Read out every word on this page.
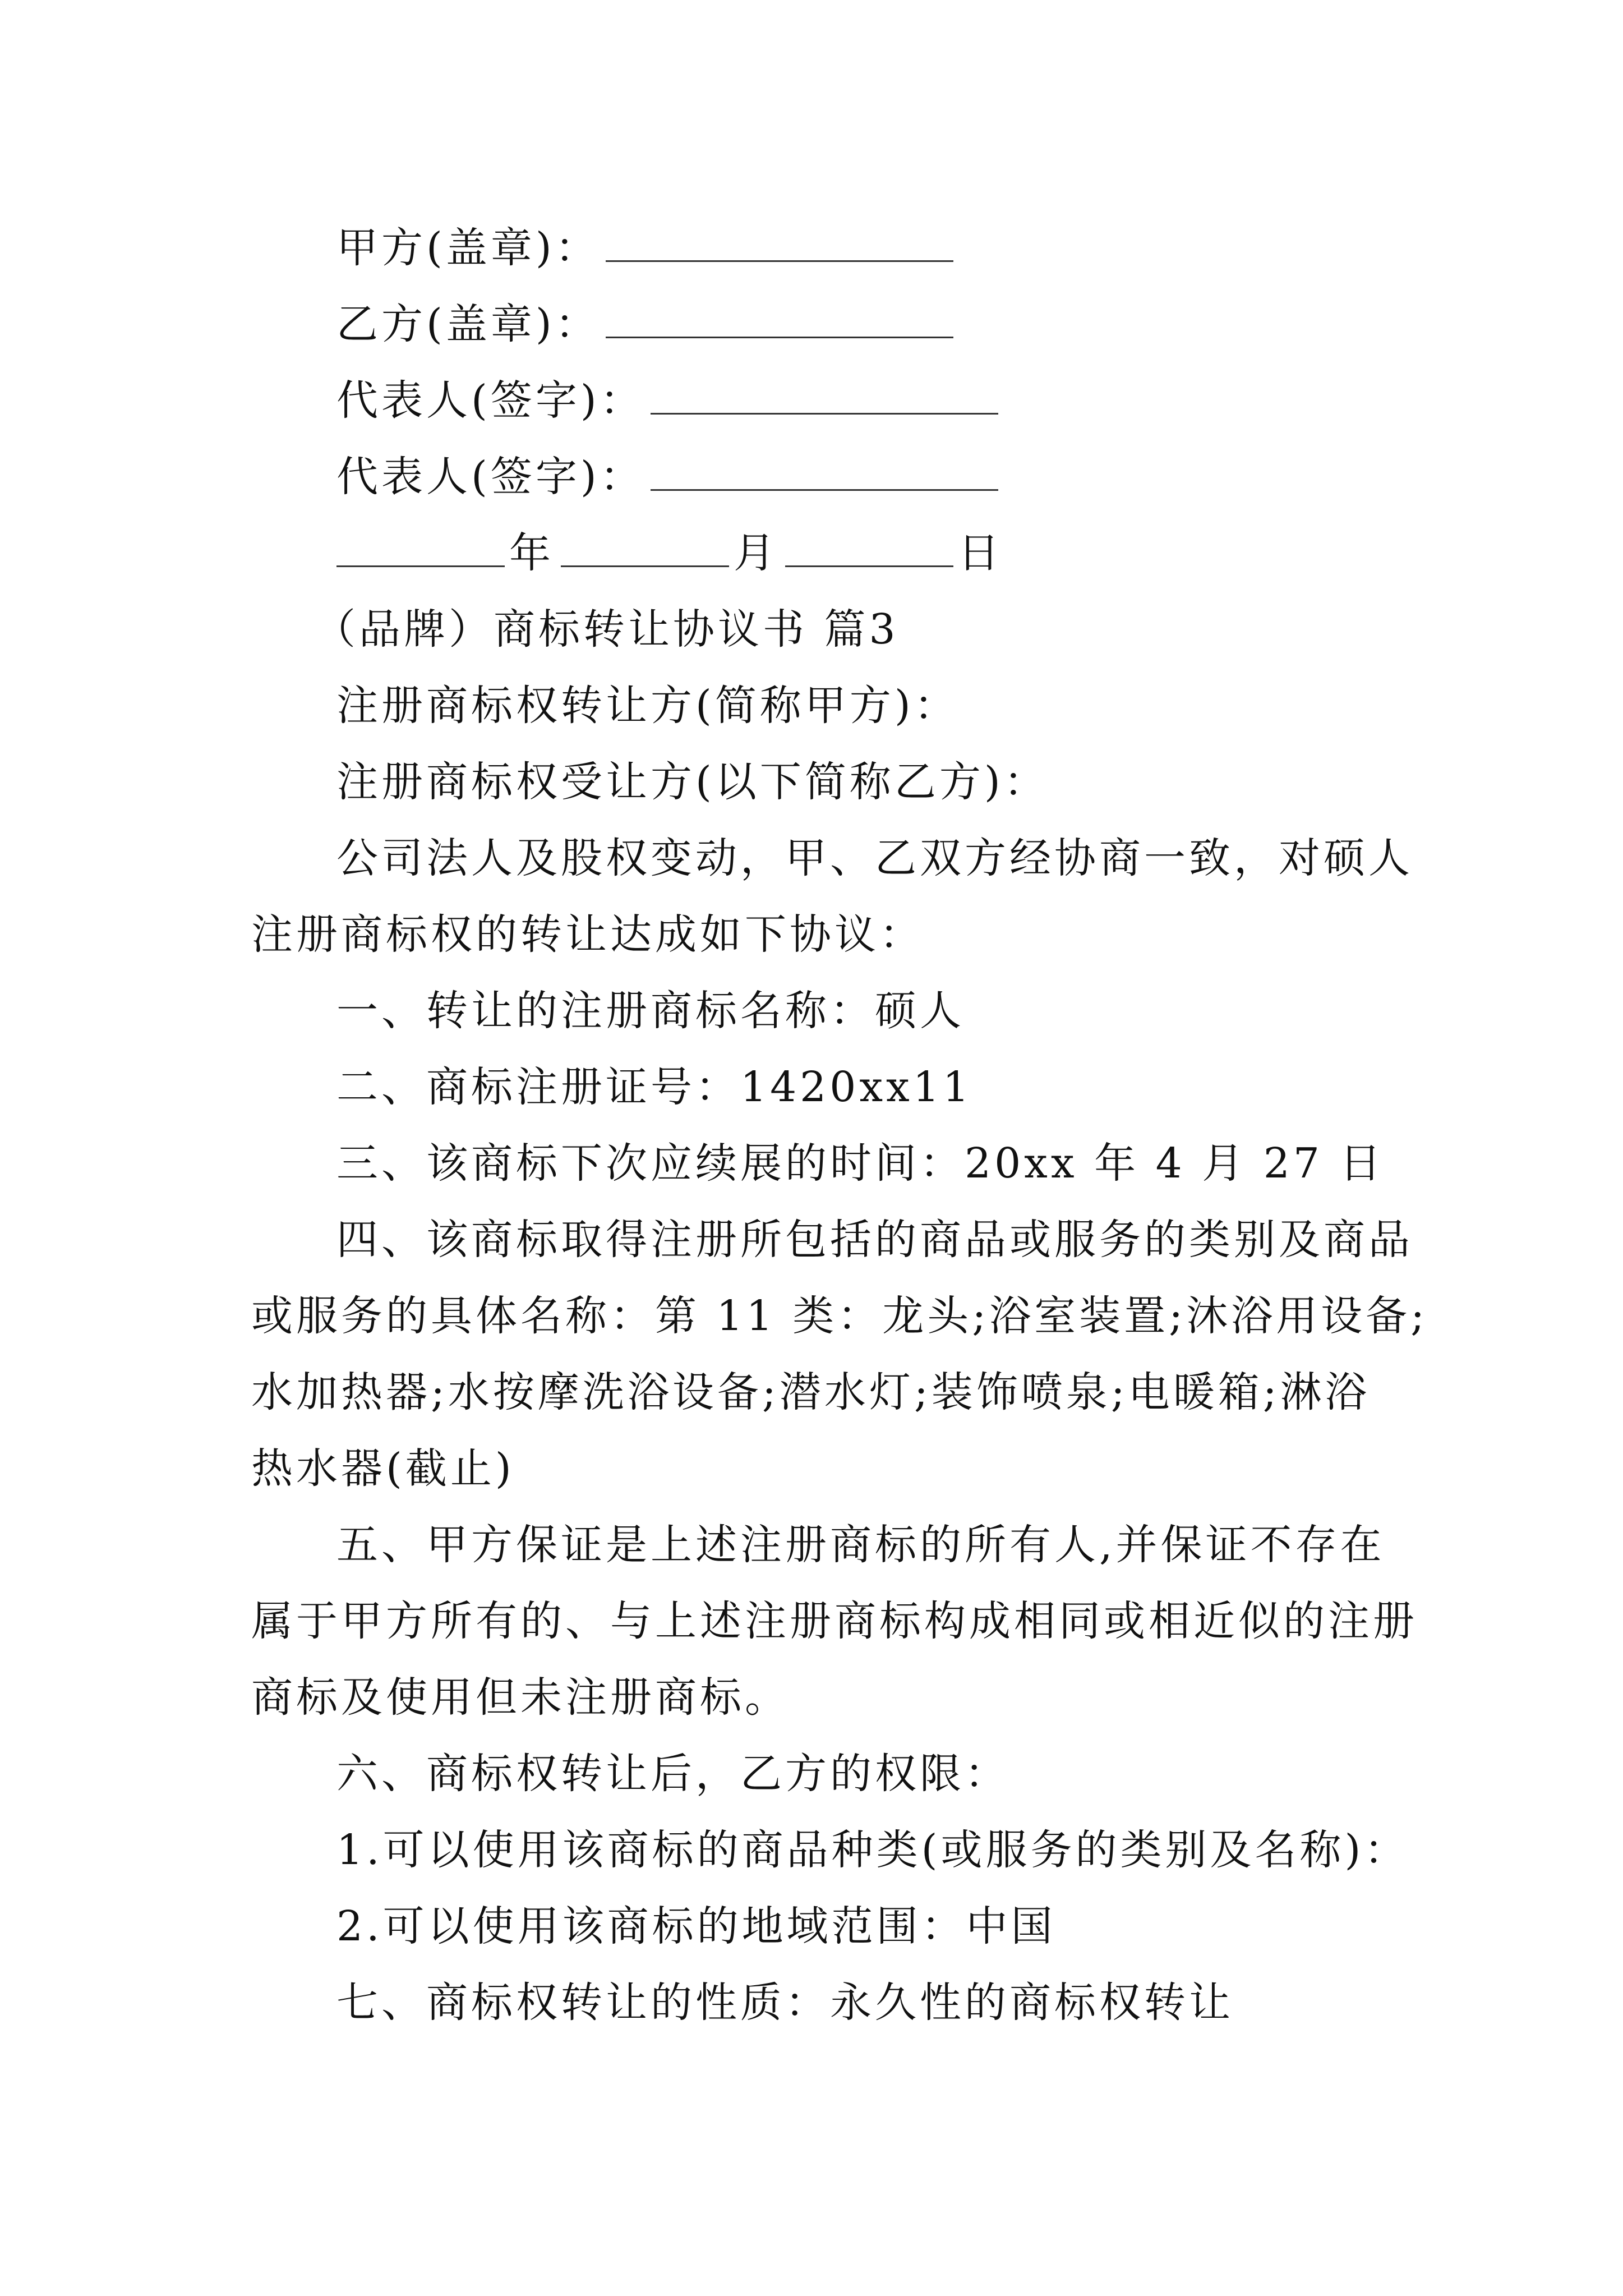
甲方(盖章)：
乙方(盖章)：
代表人(签字)：
代表人(签字)：
年	月	日
（品牌）商标转让协议书 篇3
注册商标权转让方(简称甲方)：
注册商标权受让方(以下简称乙方)：
公司法人及股权变动，甲、乙双方经协商一致，对硕人
注册商标权的转让达成如下协议：
一、转让的注册商标名称：硕人
二、商标注册证号：1420xx11
三、该商标下次应续展的时间：20xx 年 4 月 27 日
四、该商标取得注册所包括的商品或服务的类别及商品
或服务的具体名称：第 11 类：龙头;浴室装置;沐浴用设备;
水加热器;水按摩洗浴设备;潜水灯;装饰喷泉;电暖箱;淋浴
热水器(截止)
五、甲方保证是上述注册商标的所有人,并保证不存在
属于甲方所有的、与上述注册商标构成相同或相近似的注册
商标及使用但未注册商标。
六、商标权转让后，乙方的权限：
1.可以使用该商标的商品种类(或服务的类别及名称)：
2.可以使用该商标的地域范围：中国
七、商标权转让的性质：永久性的商标权转让
